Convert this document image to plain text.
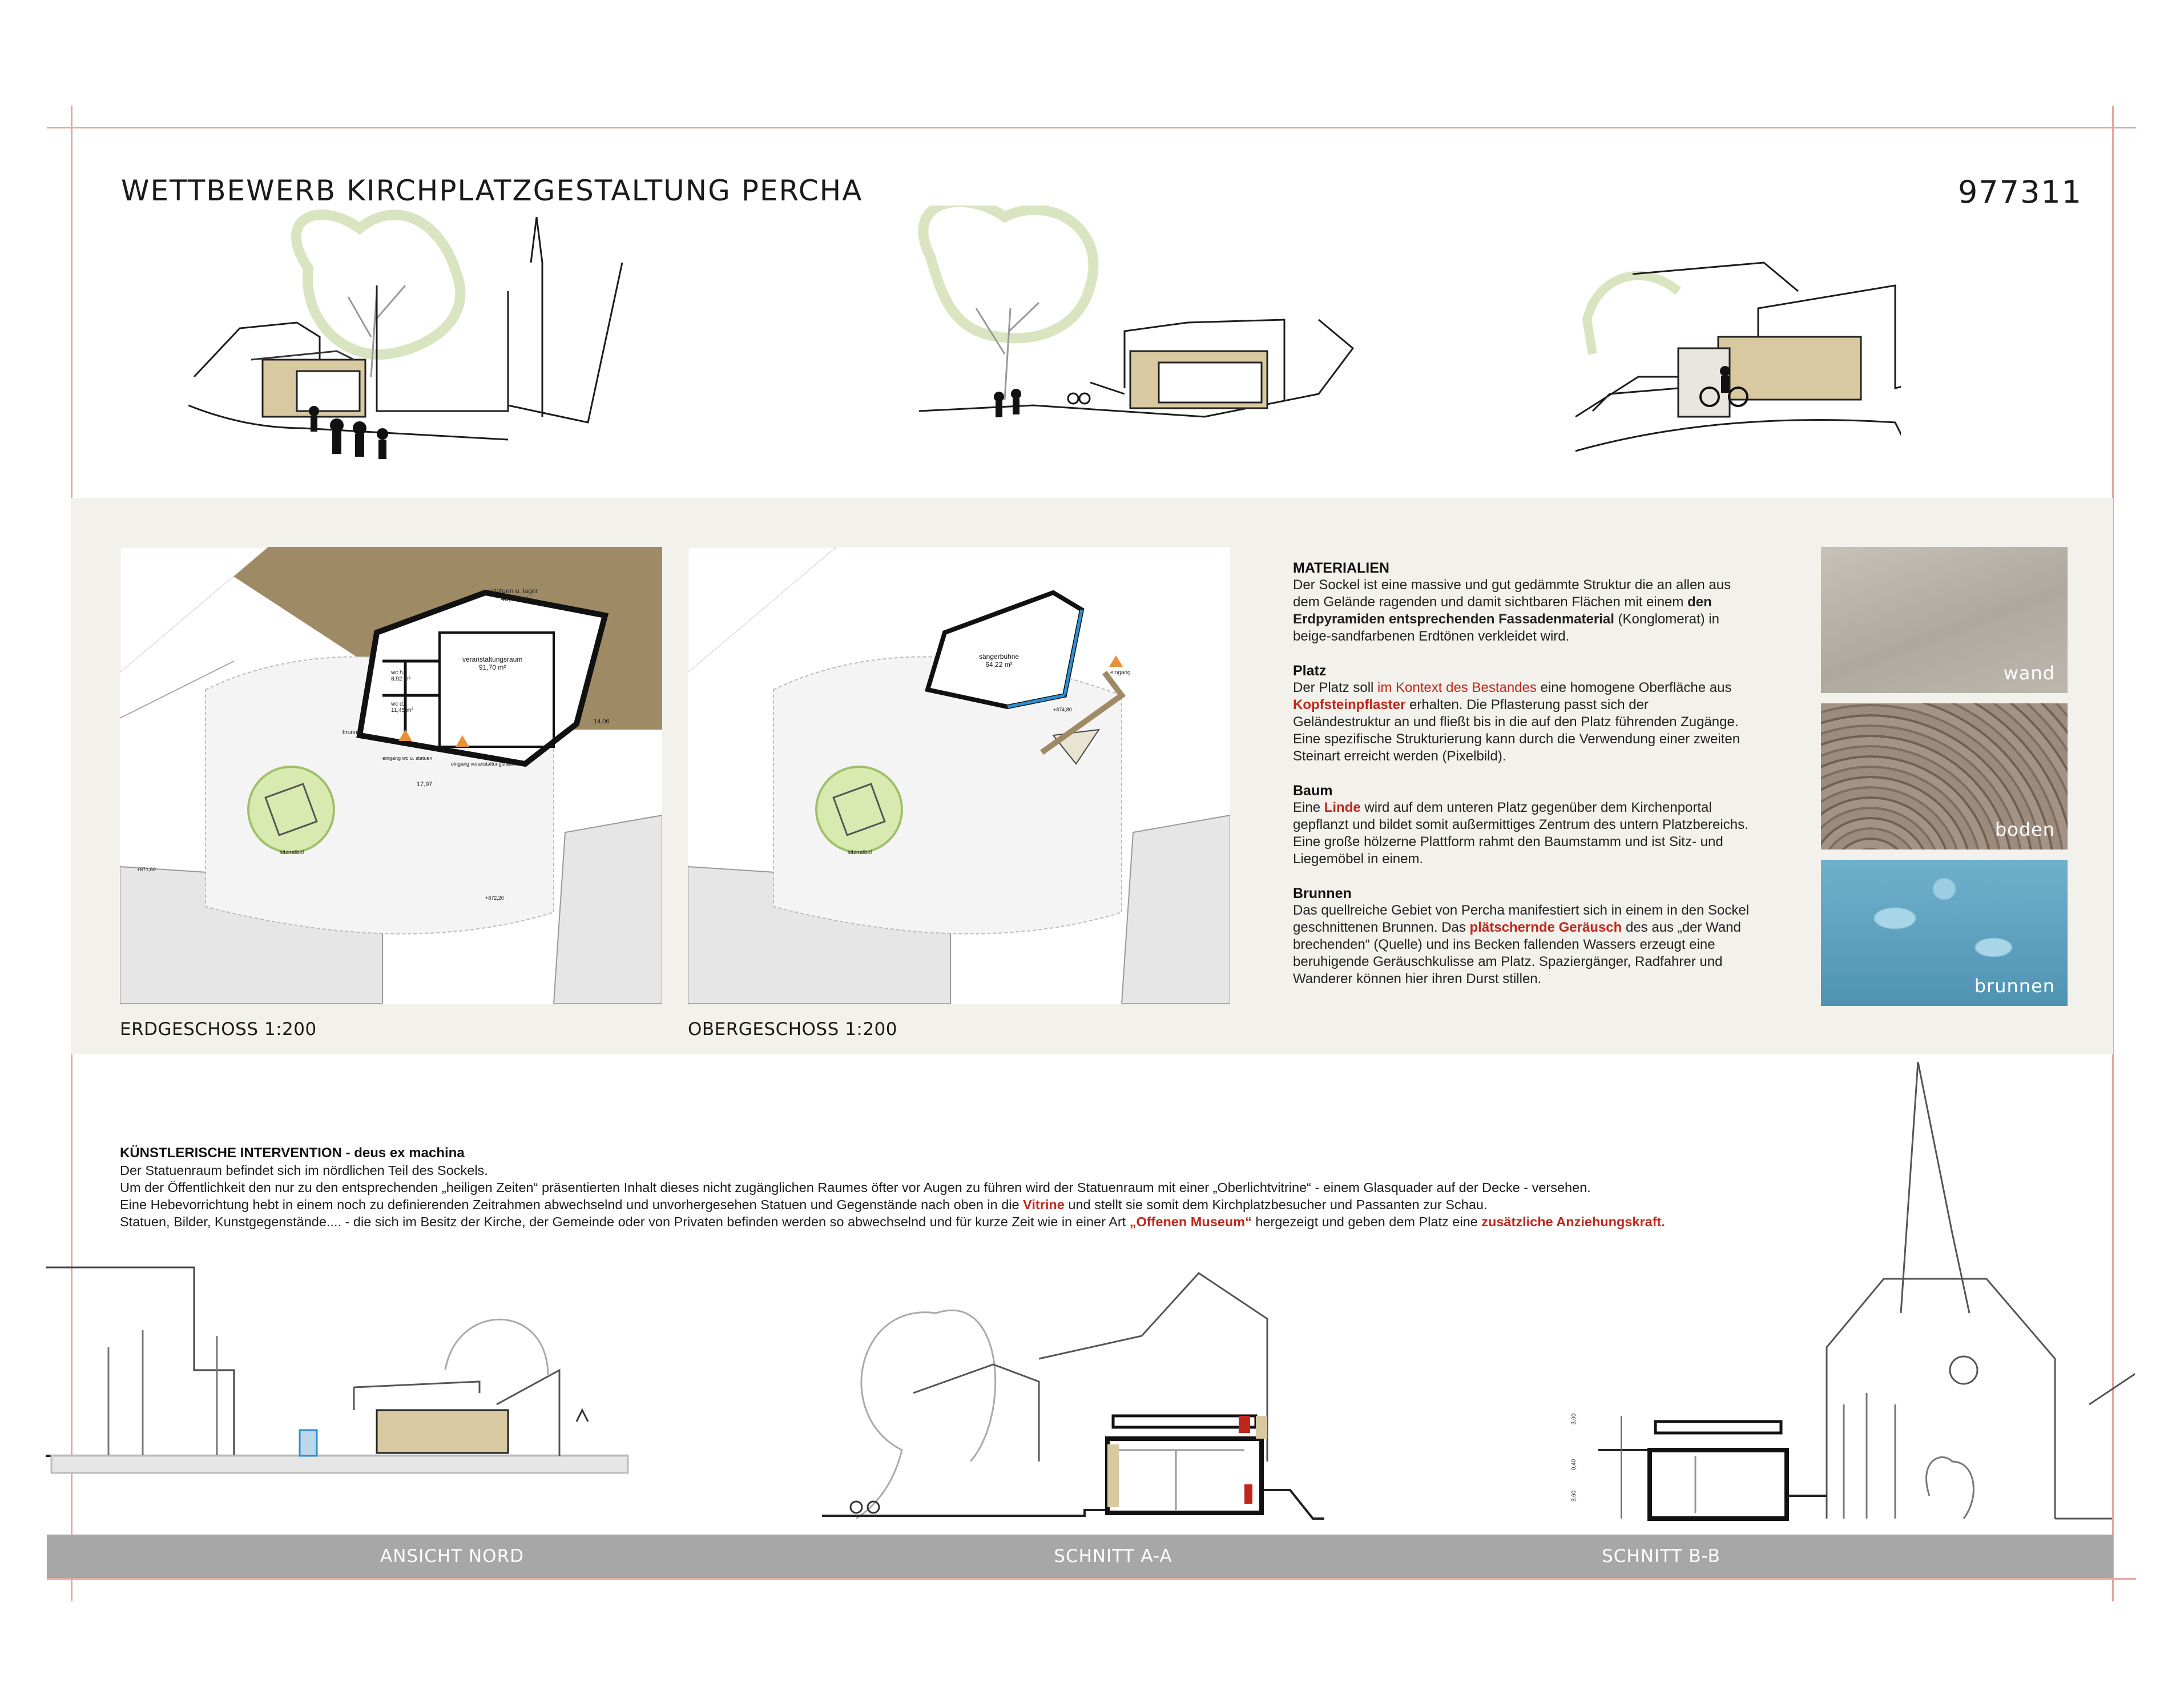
WETTBEWERB KIRCHPLATZGESTALTUNG PERCHA	977311
statuen u. lager
48,41 m²
veranstaltungsraum
91,70 m²
wc h.
8,92 m²
wc d.
11,45 m²
brunnen
eingang wc u. statuen
eingang veranstaltungsraum
sitzmöbel
17,97
14,06
+871,60
+872,20
ERDGESCHOSS 1:200
sängerbühne
64,22 m²
eingang
sitzmöbel
+874,80
OBERGESCHOSS 1:200
MATERIALIEN

Der Sockel ist eine massive und gut gedämmte Struktur die an allen aus dem Gelände ragenden und damit sichtbaren Flächen mit einem den Erdpyramiden entsprechenden Fassadenmaterial (Konglomerat) in beige-sandfarbenen Erdtönen verkleidet wird.

Platz

Der Platz soll im Kontext des Bestandes eine homogene Oberfläche aus Kopfsteinpflaster erhalten. Die Pflasterung passt sich der Geländestruktur an und fließt bis in die auf den Platz führenden Zugänge.

Eine spezifische Strukturierung kann durch die Verwendung einer zweiten Steinart erreicht werden (Pixelbild).

Baum

Eine Linde wird auf dem unteren Platz gegenüber dem Kirchenportal gepflanzt und bildet somit außermittiges Zentrum des untern Platzbereichs. Eine große hölzerne Plattform rahmt den Baumstamm und ist Sitz- und Liegemöbel in einem.

Brunnen

Das quellreiche Gebiet von Percha manifestiert sich in einem in den Sockel geschnittenen Brunnen. Das plätschernde Geräusch des aus „der Wand brechenden“ (Quelle) und ins Becken fallenden Wassers erzeugt eine beruhigende Geräuschkulisse am Platz. Spaziergänger, Radfahrer und Wanderer können hier ihren Durst stillen.

wand
boden
brunnen
KÜNSTLERISCHE INTERVENTION - deus ex machina

Der Statuenraum befindet sich im nördlichen Teil des Sockels.

Um der Öffentlichkeit den nur zu den entsprechenden „heiligen Zeiten“ präsentierten Inhalt dieses nicht zugänglichen Raumes öfter vor Augen zu führen wird der Statuenraum mit einer „Oberlichtvitrine“ - einem Glasquader auf der Decke - versehen.

Eine Hebevorrichtung hebt in einem noch zu definierenden Zeitrahmen abwechselnd und unvorhergesehen Statuen und Gegenstände nach oben in die Vitrine und stellt sie somit dem Kirchplatzbesucher und Passanten zur Schau.

Statuen, Bilder, Kunstgegenstände.... - die sich im Besitz der Kirche, der Gemeinde oder von Privaten befinden werden so abwechselnd und für kurze Zeit wie in einer Art „Offenen Museum“ hergezeigt und geben dem Platz eine zusätzliche Anziehungskraft.

3,00
0,40
3,60
ANSICHT NORD	SCHNITT A-A	SCHNITT B-B
